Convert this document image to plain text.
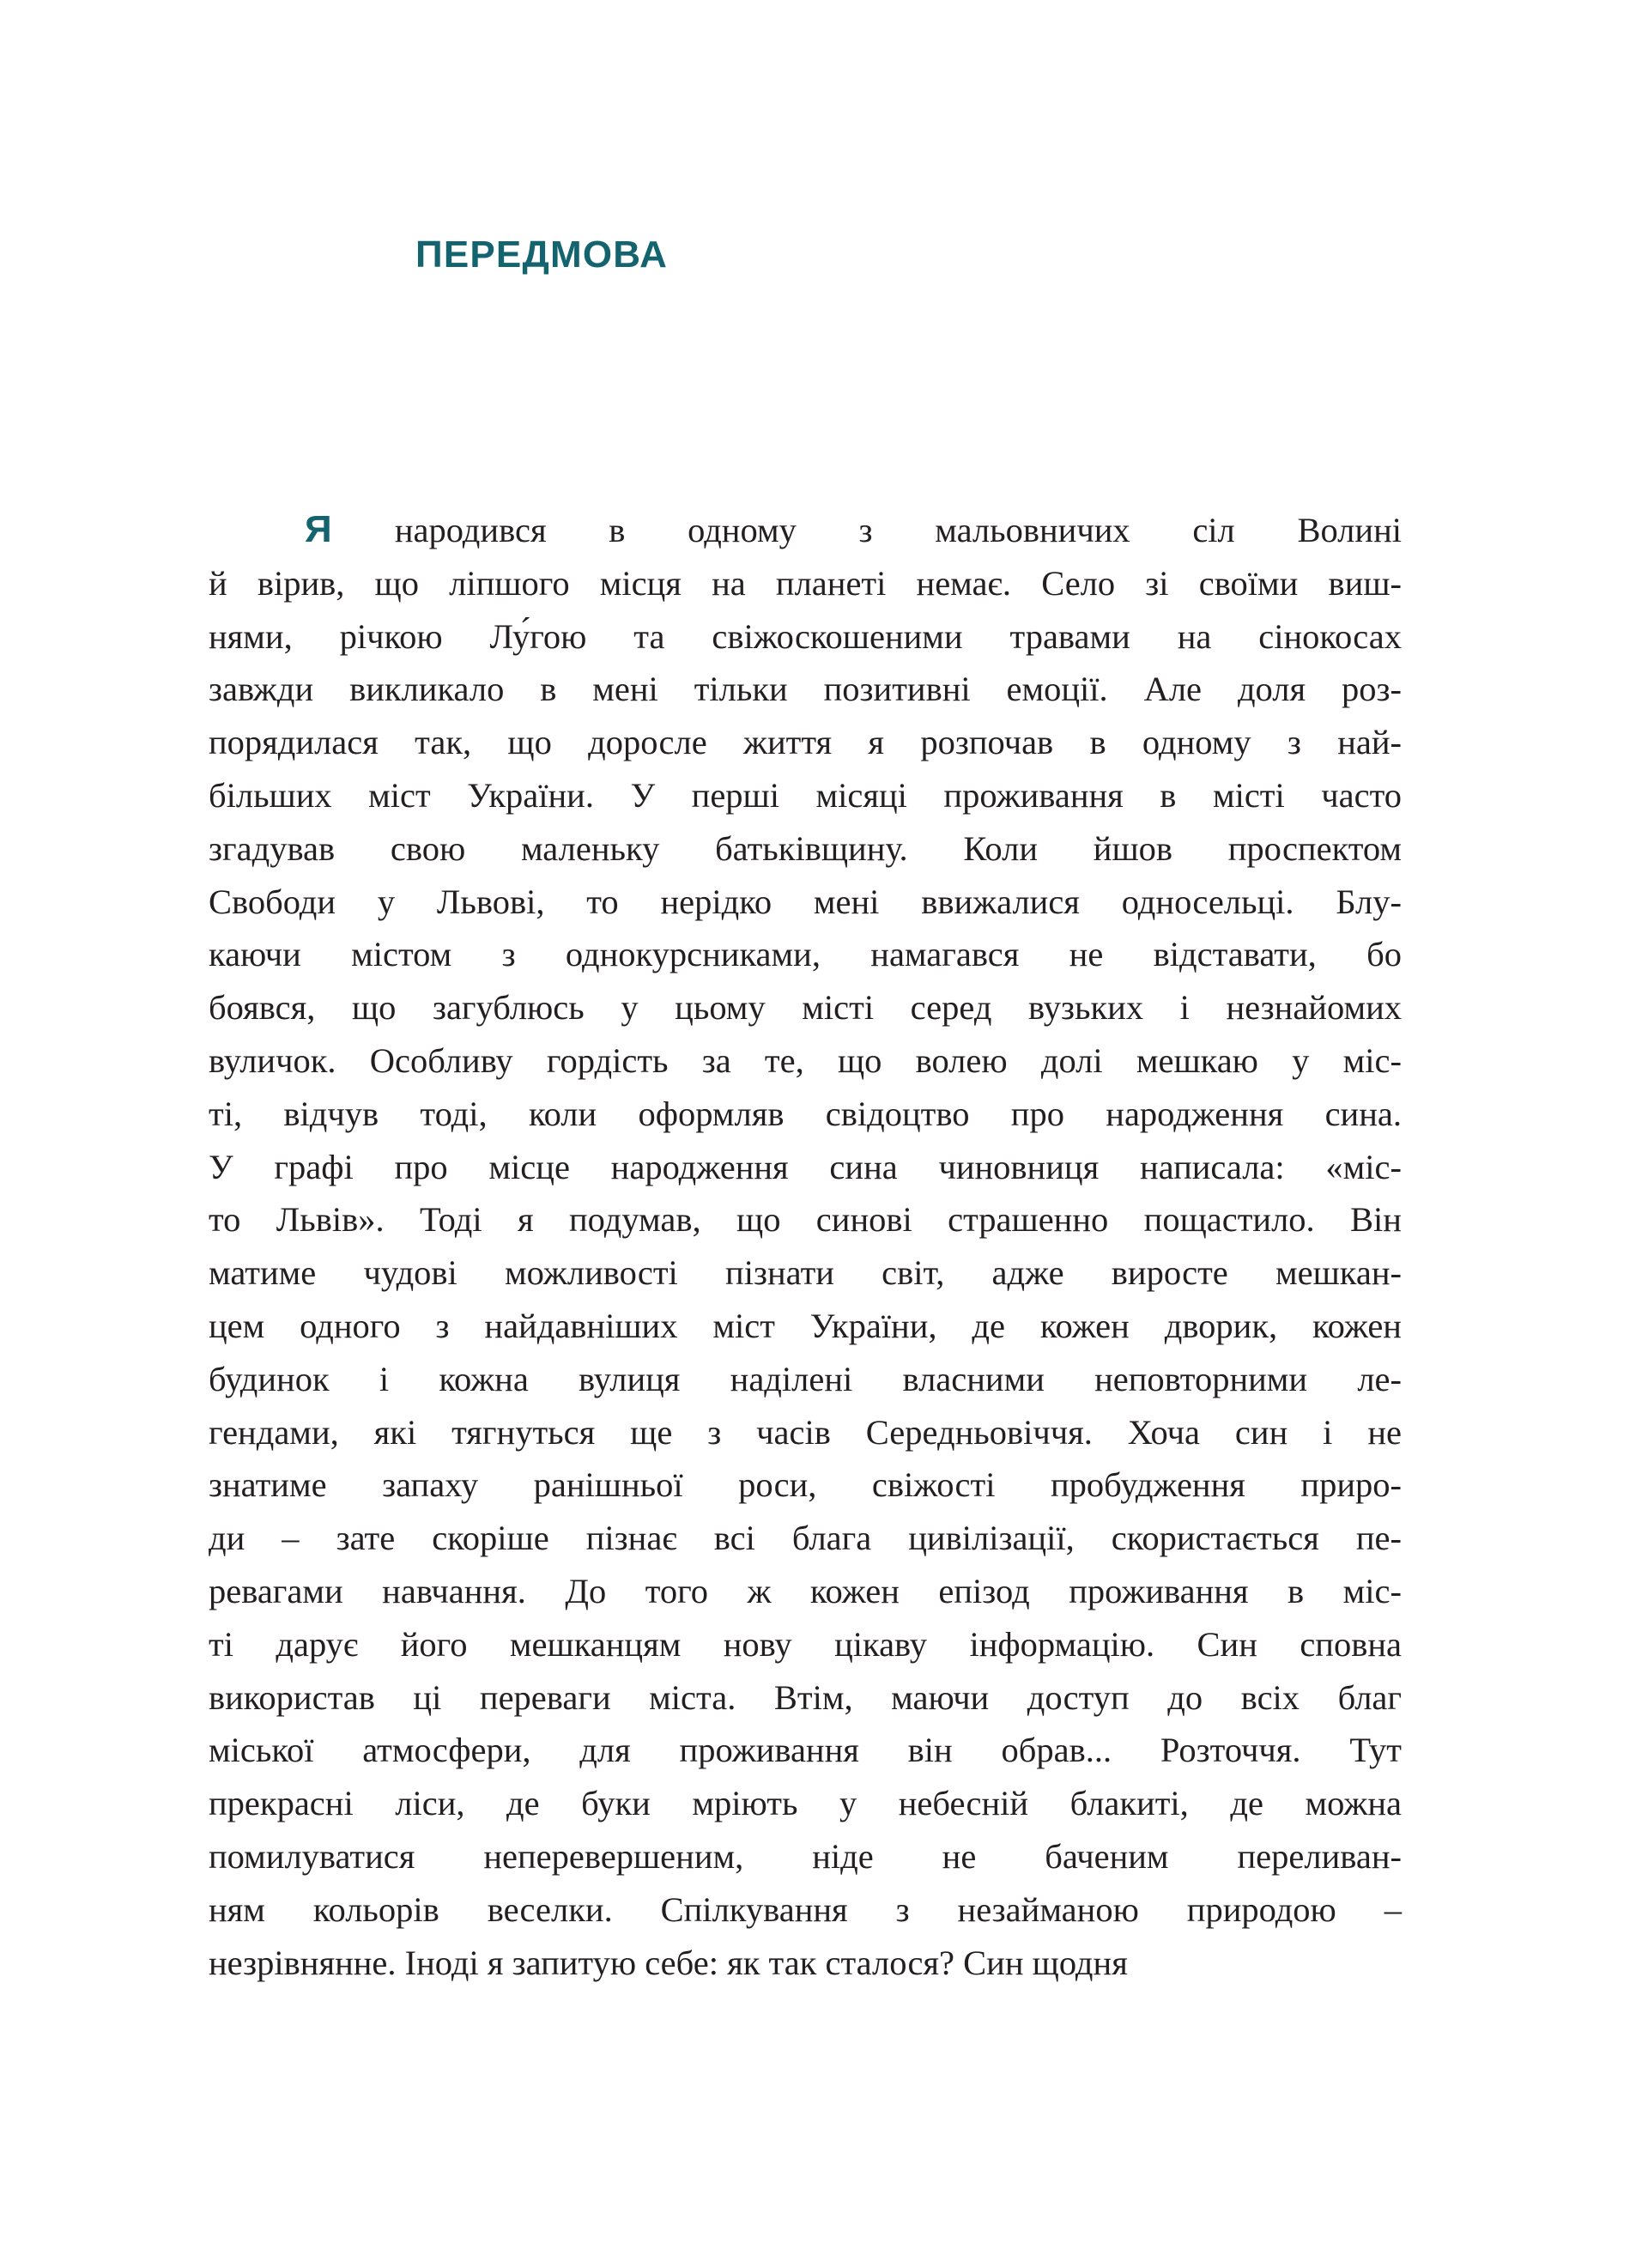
ПЕРЕДМОВА

Я народився в одному з мальовничих сіл Волині
й вірив, що ліпшого місця на планеті немає. Село зі своїми виш-
нями, річкою Лу́гою та свіжоскошеними травами на сінокосах
завжди викликало в мені тільки позитивні емоції. Але доля роз-
порядилася так, що доросле життя я розпочав в одному з най-
більших міст України. У перші місяці проживання в місті часто
згадував свою маленьку батьківщину. Коли йшов проспектом
Свободи у Львові, то нерідко мені ввижалися односельці. Блу-
каючи містом з однокурсниками, намагався не відставати, бо
боявся, що загублюсь у цьому місті серед вузьких і незнайомих
вуличок. Особливу гордість за те, що волею долі мешкаю у міс-
ті, відчув тоді, коли оформляв свідоцтво про народження сина.
У графі про місце народження сина чиновниця написала: «міс-
то Львів». Тоді я подумав, що синові страшенно пощастило. Він
матиме чудові можливості пізнати світ, адже виросте мешкан-
цем одного з найдавніших міст України, де кожен дворик, кожен
будинок і кожна вулиця наділені власними неповторними ле-
гендами, які тягнуться ще з часів Середньовіччя. Хоча син і не
знатиме запаху ранішньої роси, свіжості пробудження приро-
ди – зате скоріше пізнає всі блага цивілізації, скористається пе-
ревагами навчання. До того ж кожен епізод проживання в міс-
ті дарує його мешканцям нову цікаву інформацію. Син сповна
використав ці переваги міста. Втім, маючи доступ до всіх благ
міської атмосфери, для проживання він обрав... Розточчя. Тут
прекрасні ліси, де буки мріють у небесній блакиті, де можна
помилуватися неперевершеним, ніде не баченим переливан-
ням кольорів веселки. Спілкування з незайманою природою –
незрівнянне. Іноді я запитую себе: як так сталося? Син щодня
